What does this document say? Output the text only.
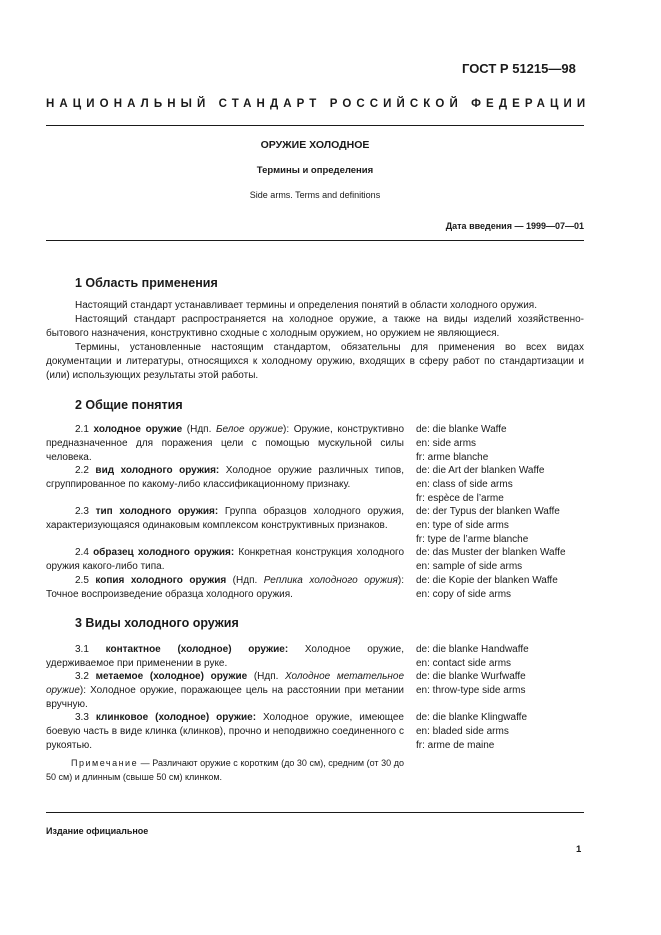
ГОСТ Р 51215—98
НАЦИОНАЛЬНЫЙ СТАНДАРТ РОССИЙСКОЙ ФЕДЕРАЦИИ
ОРУЖИЕ ХОЛОДНОЕ
Термины и определения
Side arms. Terms and definitions
Дата введения — 1999—07—01
1 Область применения
Настоящий стандарт устанавливает термины и определения понятий в области холодного оружия.
Настоящий стандарт распространяется на холодное оружие, а также на виды изделий хозяйственно-бытового назначения, конструктивно сходные с холодным оружием, но оружием не являющиеся.
Термины, установленные настоящим стандартом, обязательны для применения во всех видах документации и литературы, относящихся к холодному оружию, входящих в сферу работ по стандартизации и (или) использующих результаты этой работы.
2 Общие понятия
2.1 холодное оружие (Ндп. Белое оружие): Оружие, конструктивно предназначенное для поражения цели с помощью мускульной силы человека.
de: die blanke Waffe
en: side arms
fr: arme blanche
2.2 вид холодного оружия: Холодное оружие различных типов, сгруппированное по какому-либо классификационному признаку.
de: die Art der blanken Waffe
en: class of side arms
fr: espèce de l’arme
2.3 тип холодного оружия: Группа образцов холодного оружия, характеризующаяся одинаковым комплексом конструктивных признаков.
de: der Typus der blanken Waffe
en: type of side arms
fr: type de l’arme blanche
2.4 образец холодного оружия: Конкретная конструкция холодного оружия какого-либо типа.
de: das Muster der blanken Waffe
en: sample of side arms
2.5 копия холодного оружия (Ндп. Реплика холодного оружия): Точное воспроизведение образца холодного оружия.
de: die Kopie der blanken Waffe
en: copy of side arms
3 Виды холодного оружия
3.1 контактное (холодное) оружие: Холодное оружие, удерживаемое при применении в руке.
de: die blanke Handwaffe
en: contact side arms
3.2 метаемое (холодное) оружие (Ндп. Холодное метательное оружие): Холодное оружие, поражающее цель на расстоянии при метании вручную.
de: die blanke Wurfwaffe
en: throw-type side arms
3.3 клинковое (холодное) оружие: Холодное оружие, имеющее боевую часть в виде клинка (клинков), прочно и неподвижно соединенного с рукоятью.
de: die blanke Klingwaffe
en: bladed side arms
fr: arme de maine
Примечание — Различают оружие с коротким (до 30 см), средним (от 30 до 50 см) и длинным (свыше 50 см) клинком.
Издание официальное
1
